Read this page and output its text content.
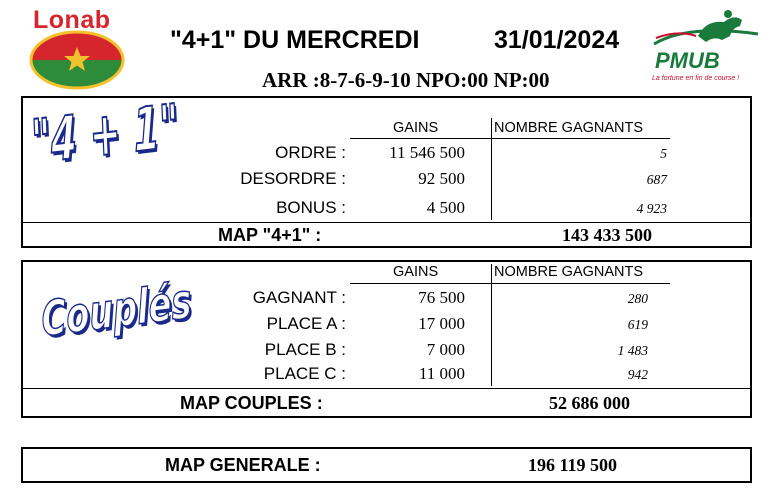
Lonab
"4+1" DU MERCREDI	31/01/2024
ARR :8-7-6-9-10 NPO:00 NP:00
PMUB
La fortune en fin de course !
"4 + 1"	GAINS	NOMBRE GAGNANTS
ORDRE :	11 546 500	5
DESORDRE :	92 500	687
BONUS :	4 500	4 923
MAP "4+1" :	143 433 500
Couplés
GAINS	NOMBRE GAGNANTS
GAGNANT :	76 500	280
PLACE A :	17 000	619
PLACE B :	7 000	1 483
PLACE C :	11 000	942
MAP COUPLES :	52 686 000
MAP GENERALE :	196 119 500
